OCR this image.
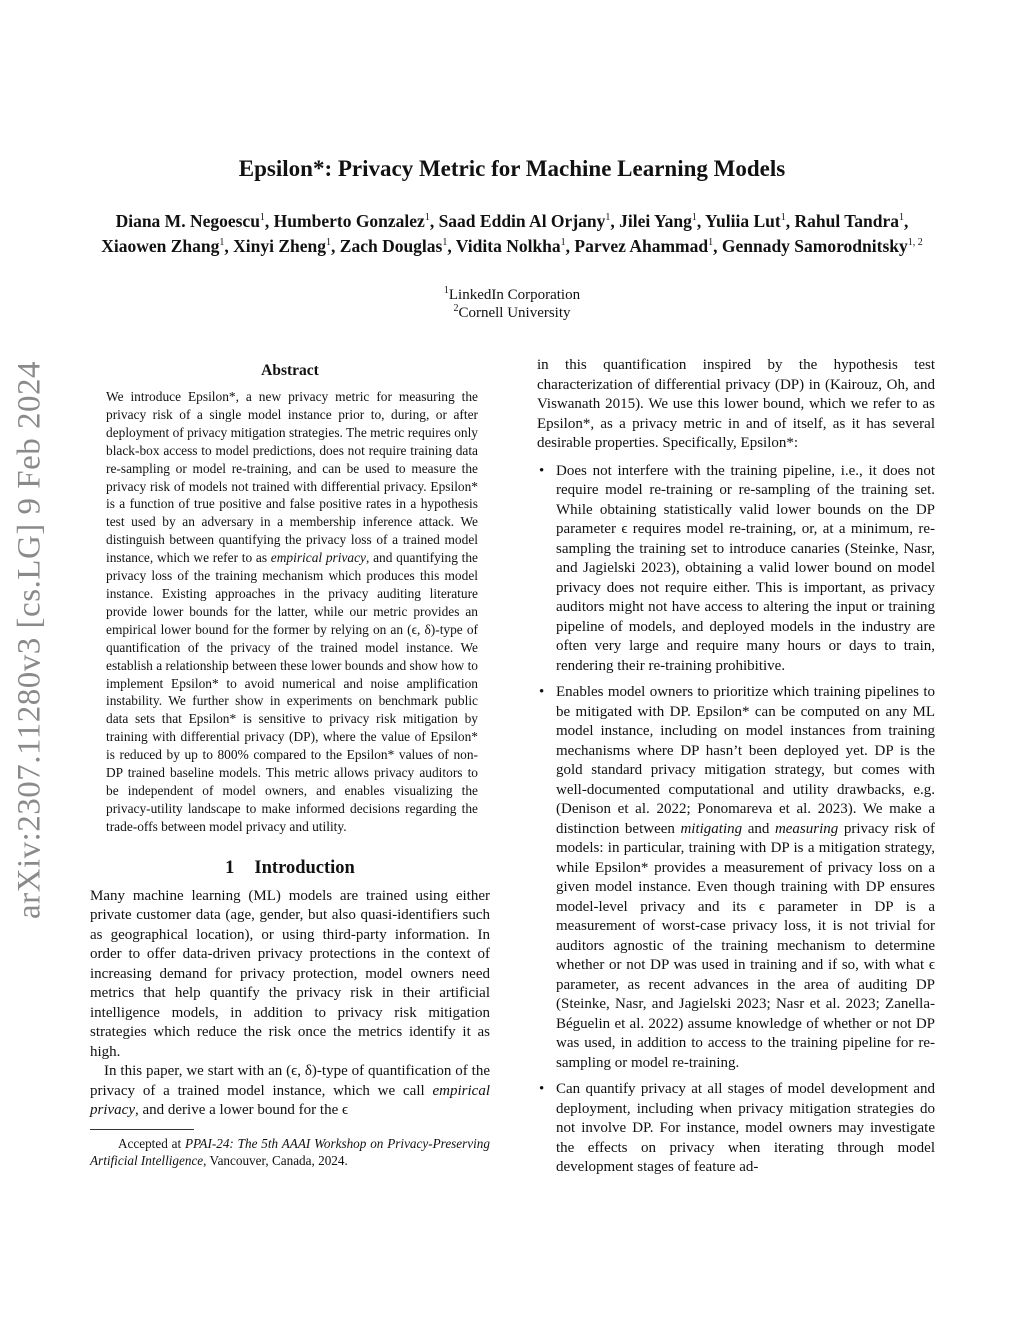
arXiv:2307.11280v3 [cs.LG] 9 Feb 2024
Epsilon*: Privacy Metric for Machine Learning Models
Diana M. Negoescu$^1$, Humberto Gonzalez$^1$, Saad Eddin Al Orjany$^1$, Jilei Yang$^1$, Yuliia Lut$^1$, Rahul Tandra$^1$, Xiaowen Zhang$^1$, Xinyi Zheng$^1$, Zach Douglas$^1$, Vidita Nolkha$^1$, Parvez Ahammad$^1$, Gennady Samorodnitsky$^{1, 2}$
$^1$LinkedIn Corporation
$^2$Cornell University
Abstract

We introduce Epsilon*, a new privacy metric for measuring the privacy risk of a single model instance prior to, during, or after deployment of privacy mitigation strategies. The metric requires only black-box access to model predictions, does not require training data re-sampling or model re-training, and can be used to measure the privacy risk of models not trained with differential privacy. Epsilon* is a function of true positive and false positive rates in a hypothesis test used by an adversary in a membership inference attack. We distinguish between quantifying the privacy loss of a trained model instance, which we refer to as empirical privacy, and quantifying the privacy loss of the training mechanism which produces this model instance. Existing approaches in the privacy auditing literature provide lower bounds for the latter, while our metric provides an empirical lower bound for the former by relying on an (ϵ, δ)-type of quantification of the privacy of the trained model instance. We establish a relationship between these lower bounds and show how to implement Epsilon* to avoid numerical and noise amplification instability. We further show in experiments on benchmark public data sets that Epsilon* is sensitive to privacy risk mitigation by training with differential privacy (DP), where the value of Epsilon* is reduced by up to 800% compared to the Epsilon* values of non-DP trained baseline models. This metric allows privacy auditors to be independent of model owners, and enables visualizing the privacy-utility landscape to make informed decisions regarding the trade-offs between model privacy and utility.

1 Introduction

Many machine learning (ML) models are trained using either private customer data (age, gender, but also quasi-identifiers such as geographical location), or using third-party information. In order to offer data-driven privacy protections in the context of increasing demand for privacy protection, model owners need metrics that help quantify the privacy risk in their artificial intelligence models, in addition to privacy risk mitigation strategies which reduce the risk once the metrics identify it as high.

In this paper, we start with an (ϵ, δ)-type of quantification of the privacy of a trained model instance, which we call empirical privacy, and derive a lower bound for the ϵ

Accepted at PPAI-24: The 5th AAAI Workshop on Privacy-Preserving Artificial Intelligence, Vancouver, Canada, 2024.

in this quantification inspired by the hypothesis test characterization of differential privacy (DP) in (Kairouz, Oh, and Viswanath 2015). We use this lower bound, which we refer to as Epsilon*, as a privacy metric in and of itself, as it has several desirable properties. Specifically, Epsilon*:

• Does not interfere with the training pipeline, i.e., it does not require model re-training or re-sampling of the training set. While obtaining statistically valid lower bounds on the DP parameter ϵ requires model re-training, or, at a minimum, re-sampling the training set to introduce canaries (Steinke, Nasr, and Jagielski 2023), obtaining a valid lower bound on model privacy does not require either. This is important, as privacy auditors might not have access to altering the input or training pipeline of models, and deployed models in the industry are often very large and require many hours or days to train, rendering their re-training prohibitive.
• Enables model owners to prioritize which training pipelines to be mitigated with DP. Epsilon* can be computed on any ML model instance, including on model instances from training mechanisms where DP hasn’t been deployed yet. DP is the gold standard privacy mitigation strategy, but comes with well-documented computational and utility drawbacks, e.g. (Denison et al. 2022; Ponomareva et al. 2023). We make a distinction between mitigating and measuring privacy risk of models: in particular, training with DP is a mitigation strategy, while Epsilon* provides a measurement of privacy loss on a given model instance. Even though training with DP ensures model-level privacy and its ϵ parameter in DP is a measurement of worst-case privacy loss, it is not trivial for auditors agnostic of the training mechanism to determine whether or not DP was used in training and if so, with what ϵ parameter, as recent advances in the area of auditing DP (Steinke, Nasr, and Jagielski 2023; Nasr et al. 2023; Zanella-Béguelin et al. 2022) assume knowledge of whether or not DP was used, in addition to access to the training pipeline for re-sampling or model re-training.
• Can quantify privacy at all stages of model development and deployment, including when privacy mitigation strategies do not involve DP. For instance, model owners may investigate the effects on privacy when iterating through model development stages of feature ad-
